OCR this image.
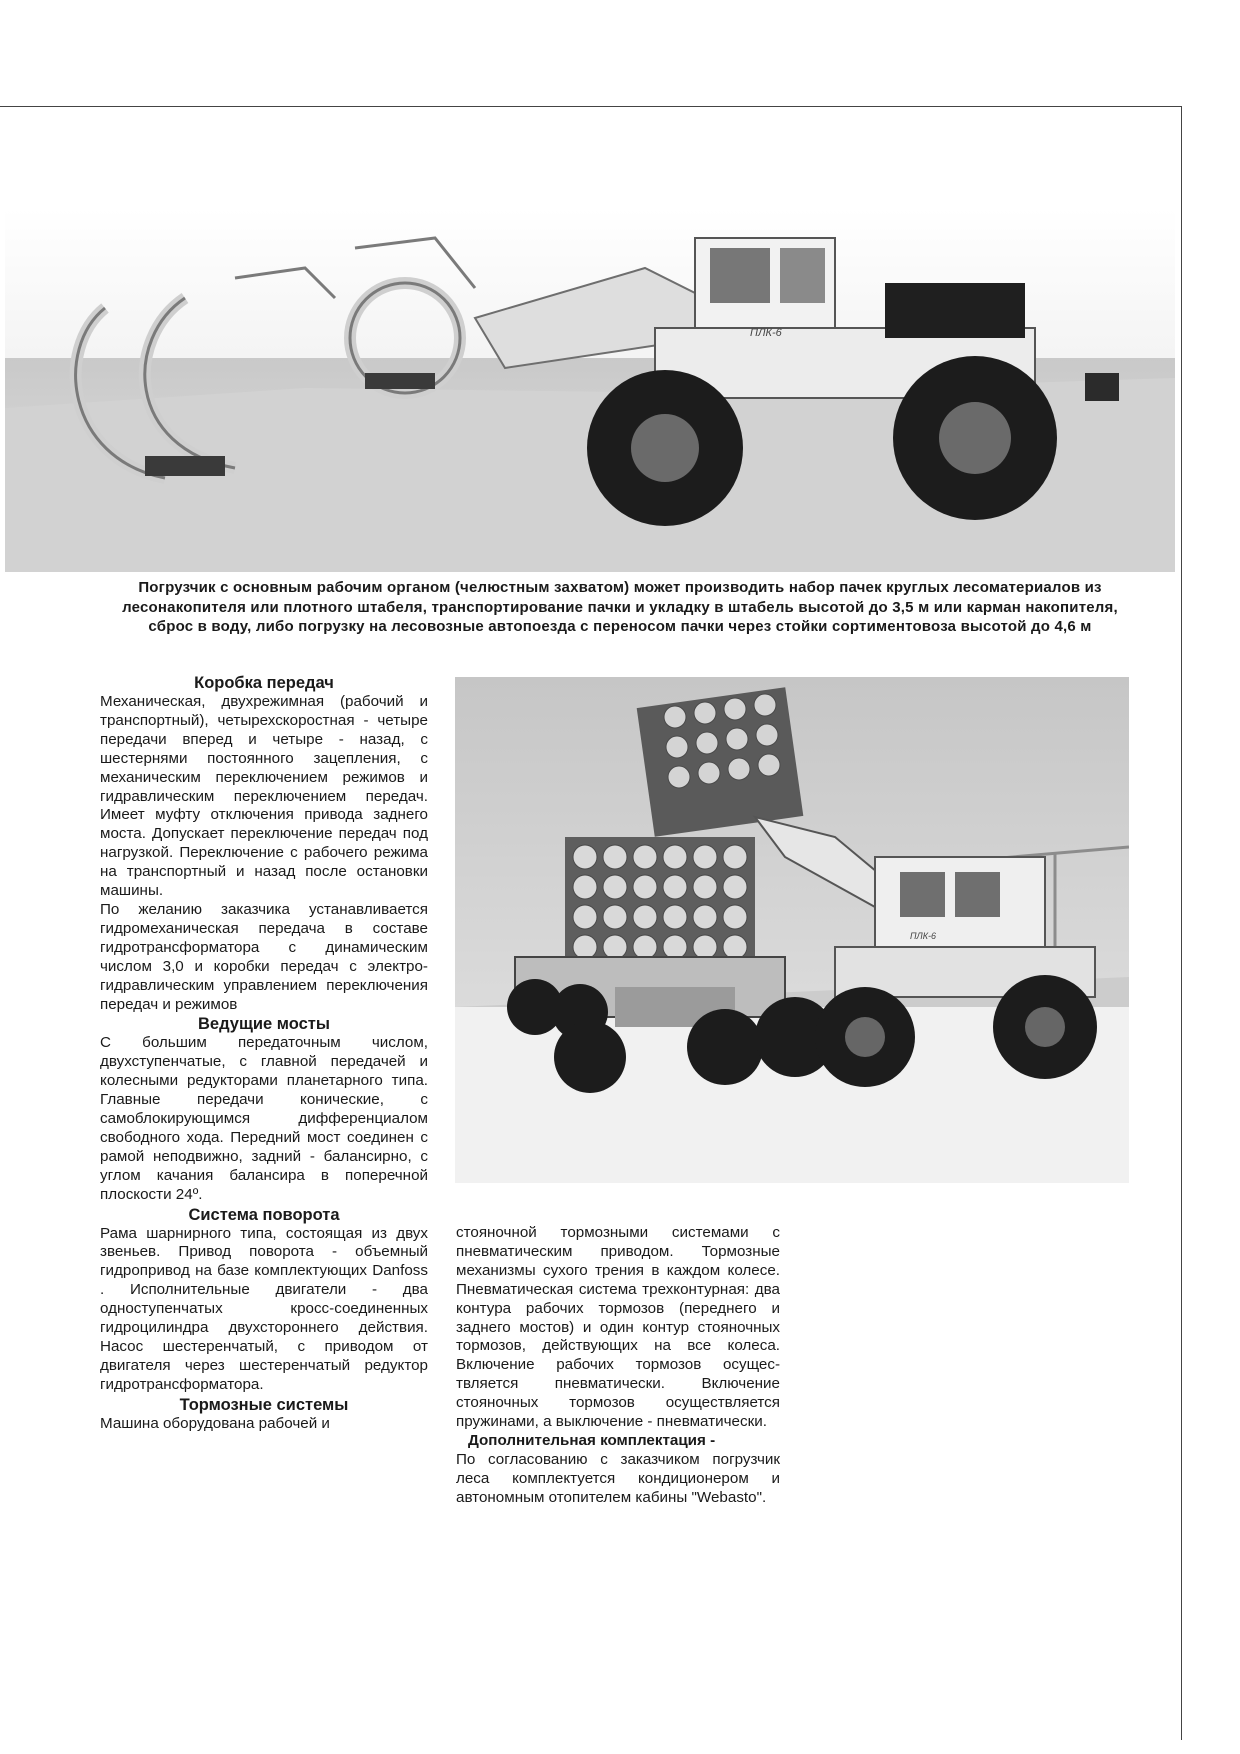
ПЛК-6
Погрузчик с основным рабочим органом (челюстным захватом) может производить набор пачек круглых лесоматериалов из лесонакопителя или плотного штабеля, транспортирование пачки и укладку в штабель высотой до 3,5 м или карман накопителя, сброс в воду, либо погрузку на лесовозные автопоезда с переносом пачки через стойки сортиментовоза высотой до 4,6 м
ПЛК-6

Коробка передач

Механическая, двухрежимная (рабочий и транспортный), четырехскоростная - четыре передачи вперед и четыре - назад, с шестернями постоянного зацепления, с механическим переключением режимов и гидравлическим переключением передач. Имеет муфту отключения привода заднего моста. Допускает переключение передач под нагрузкой. Переключение с рабочего режима на транспортный и назад после остановки машины.

По желанию заказчика устанавливается гидромеханическая передача в составе гидротрансформатора с динамическим числом 3,0 и коробки передач с электро-гидравлическим управлением переключения передач и режимов

Ведущие мосты

С большим передаточным числом, двухступенчатые, с главной передачей и колесными редукторами планетарного типа. Главные передачи конические, с самоблокирующимся дифференциалом свободного хода. Передний мост соединен с рамой неподвижно, задний - балансирно, с углом качания балансира в поперечной плоскости 24º.

Система поворота

Рама шарнирного типа, состоящая из двух звеньев. Привод поворота - объемный гидропривод на базе комплектующих Danfoss . Исполнительные двигатели - два одноступенчатых кросс-соединенных гидроцилиндра двухстороннего действия. Насос шестеренчатый, с приводом от двигателя через шестеренчатый редуктор гидротрансформатора.

Тормозные системы

Машина оборудована рабочей и

стояночной тормозными системами с пневматическим приводом. Тормозные механизмы сухого трения в каждом колесе. Пневматическая система трехконтурная: два контура рабочих тормозов (переднего и заднего мостов) и один контур стояночных тормозов, действующих на все колеса. Включение рабочих тормозов осущес-твляется пневматически. Включение стояночных тормозов осуществляется пружинами, а выключение - пневматически.

Дополнительная комплектация -

По согласованию с заказчиком погрузчик леса комплектуется кондиционером и автономным отопителем кабины "Webasto".
